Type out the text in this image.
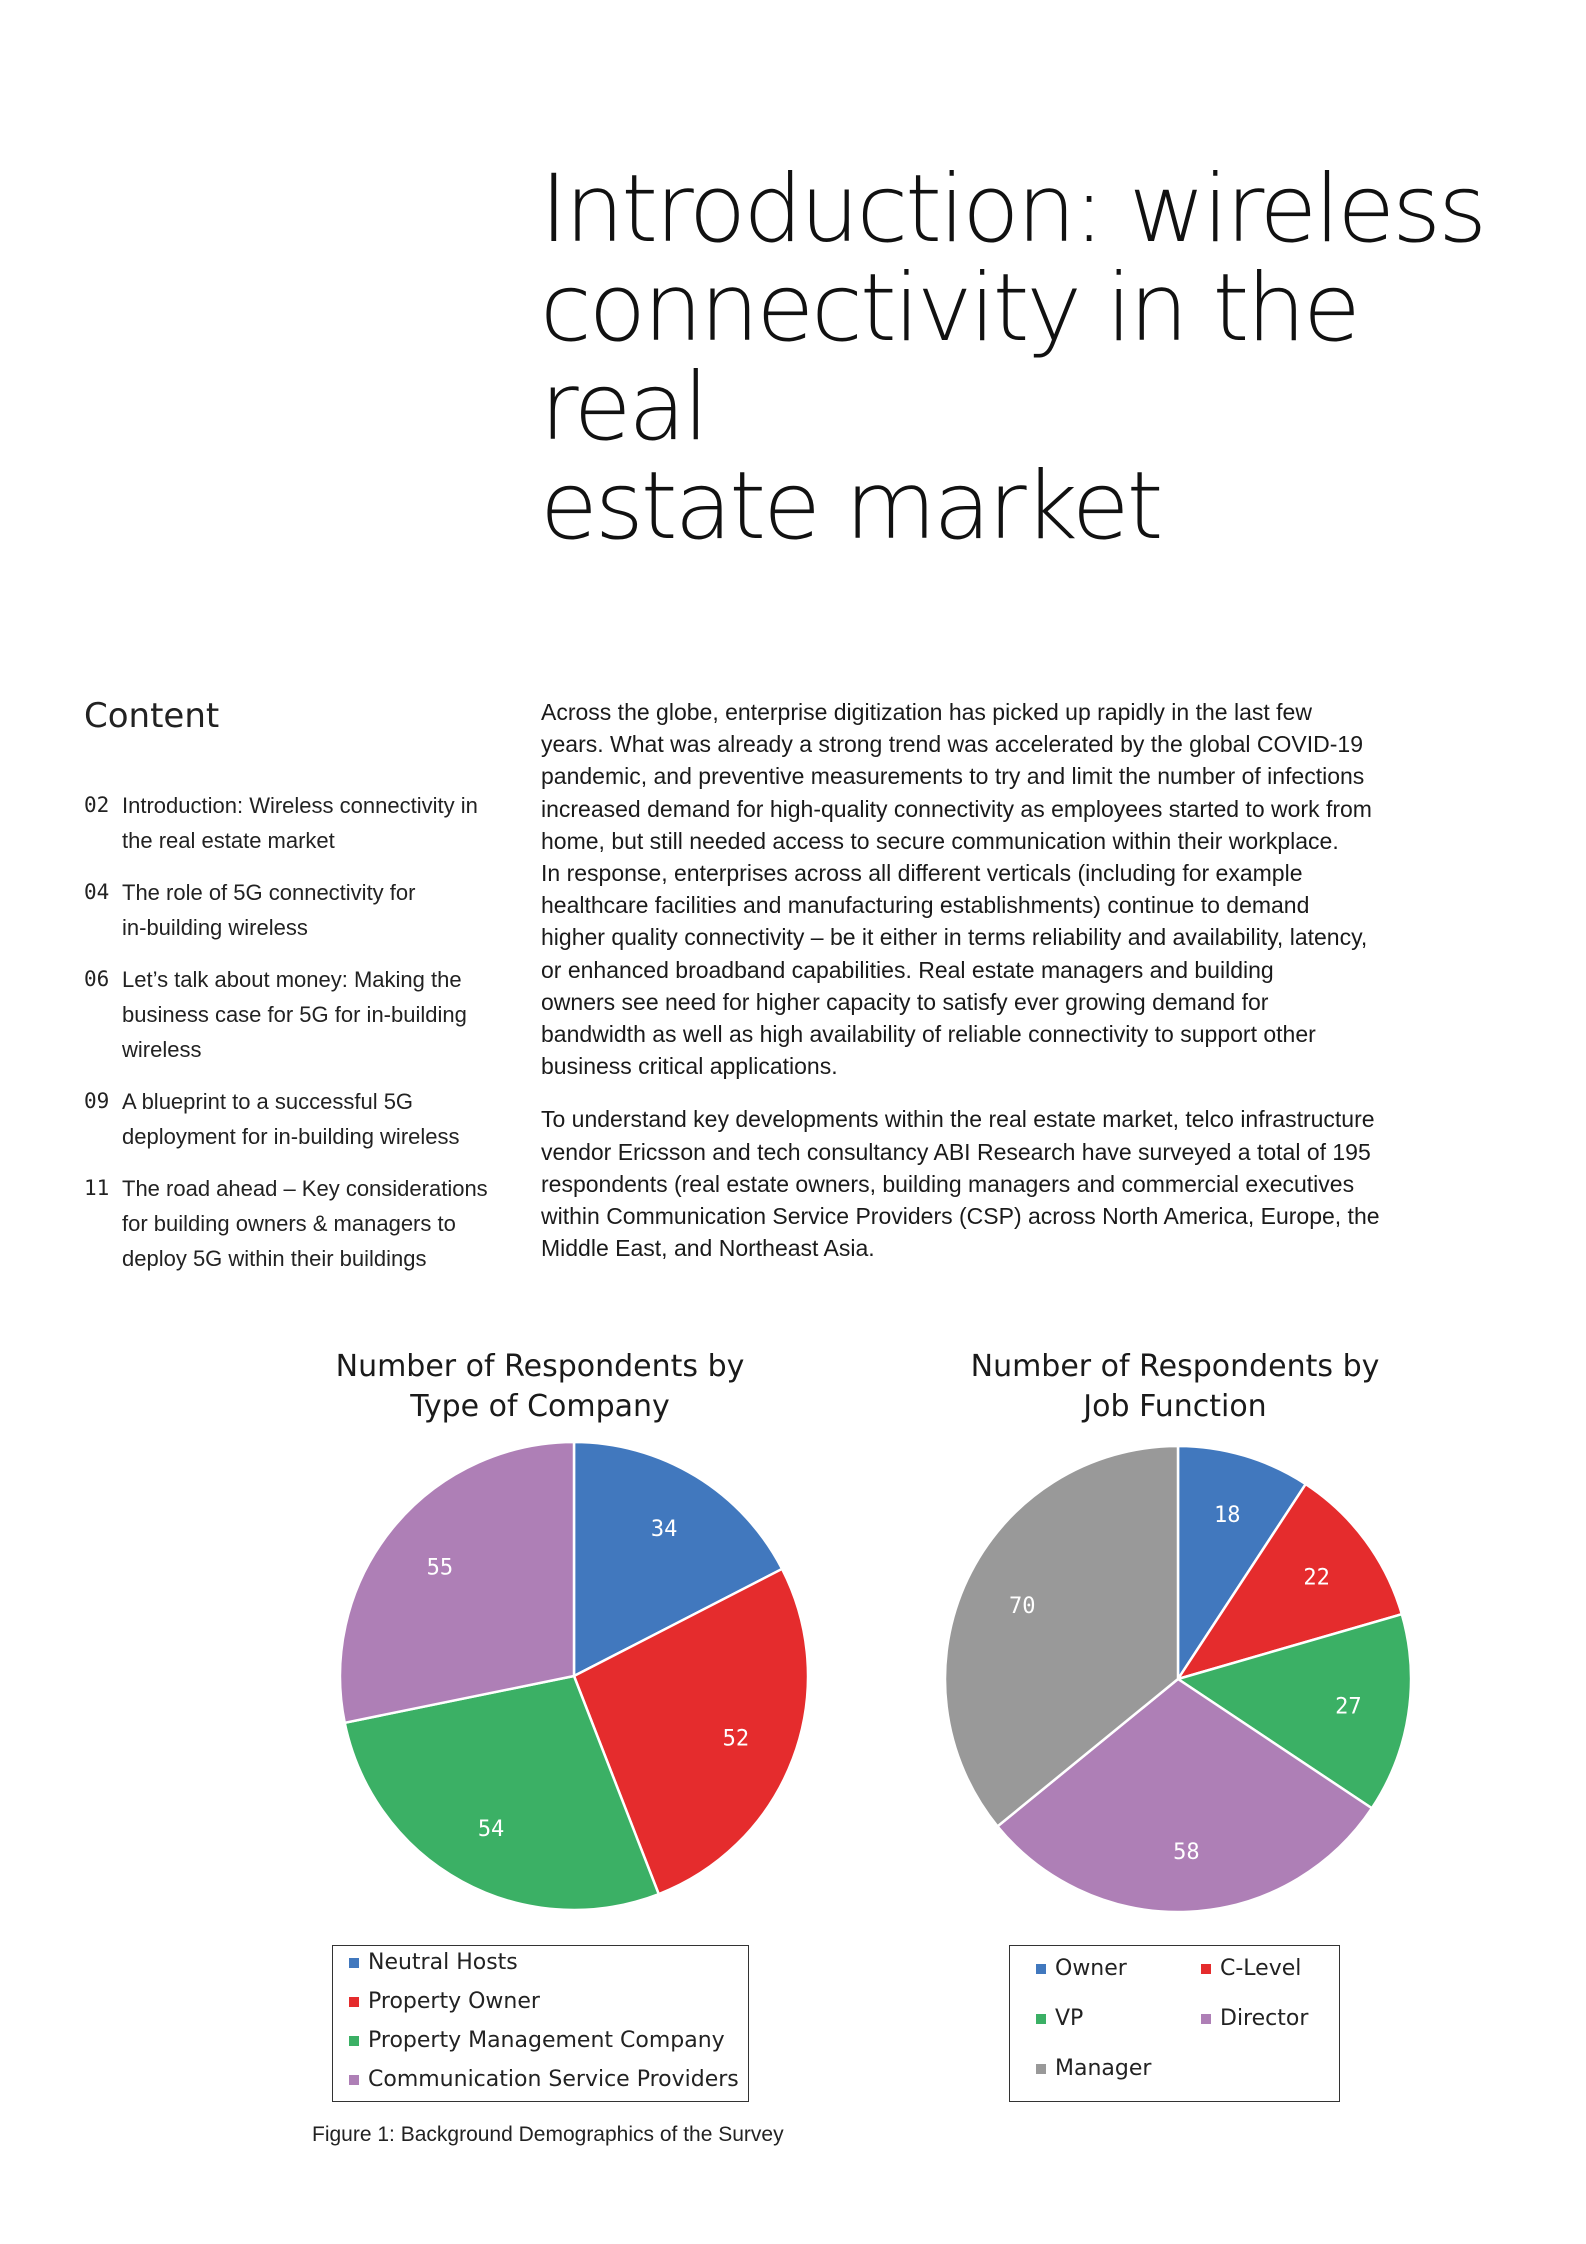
Introduction: wireless
connectivity in the real
estate market
Content
02 Introduction: Wireless connectivity in
the real estate market
04 The role of 5G connectivity for
in-building wireless
06 Let’s talk about money: Making the
business case for 5G for in-building
wireless
09 A blueprint to a successful 5G
deployment for in-building wireless
11 The road ahead – Key considerations
for building owners & managers to
deploy 5G within their buildings

Across the globe, enterprise digitization has picked up rapidly in the last few
years. What was already a strong trend was accelerated by the global COVID-19
pandemic, and preventive measurements to try and limit the number of infections
increased demand for high-quality connectivity as employees started to work from
home, but still needed access to secure communication within their workplace.
In response, enterprises across all different verticals (including for example
healthcare facilities and manufacturing establishments) continue to demand
higher quality connectivity – be it either in terms reliability and availability, latency,
or enhanced broadband capabilities. Real estate managers and building
owners see need for higher capacity to satisfy ever growing demand for
bandwidth as well as high availability of reliable connectivity to support other
business critical applications.

To understand key developments within the real estate market, telco infrastructure
vendor Ericsson and tech consultancy ABI Research have surveyed a total of 195
respondents (real estate owners, building managers and commercial executives
within Communication Service Providers (CSP) across North America, Europe, the
Middle East, and Northeast Asia.

Number of Respondents by
Type of Company
34
52
54
55
Neutral Hosts
Property Owner
Property Management Company
Communication Service Providers
Number of Respondents by
Job Function
18
22
27
58
70
Owner	C-Level
VP	Director
Manager
Figure 1: Background Demographics of the Survey
